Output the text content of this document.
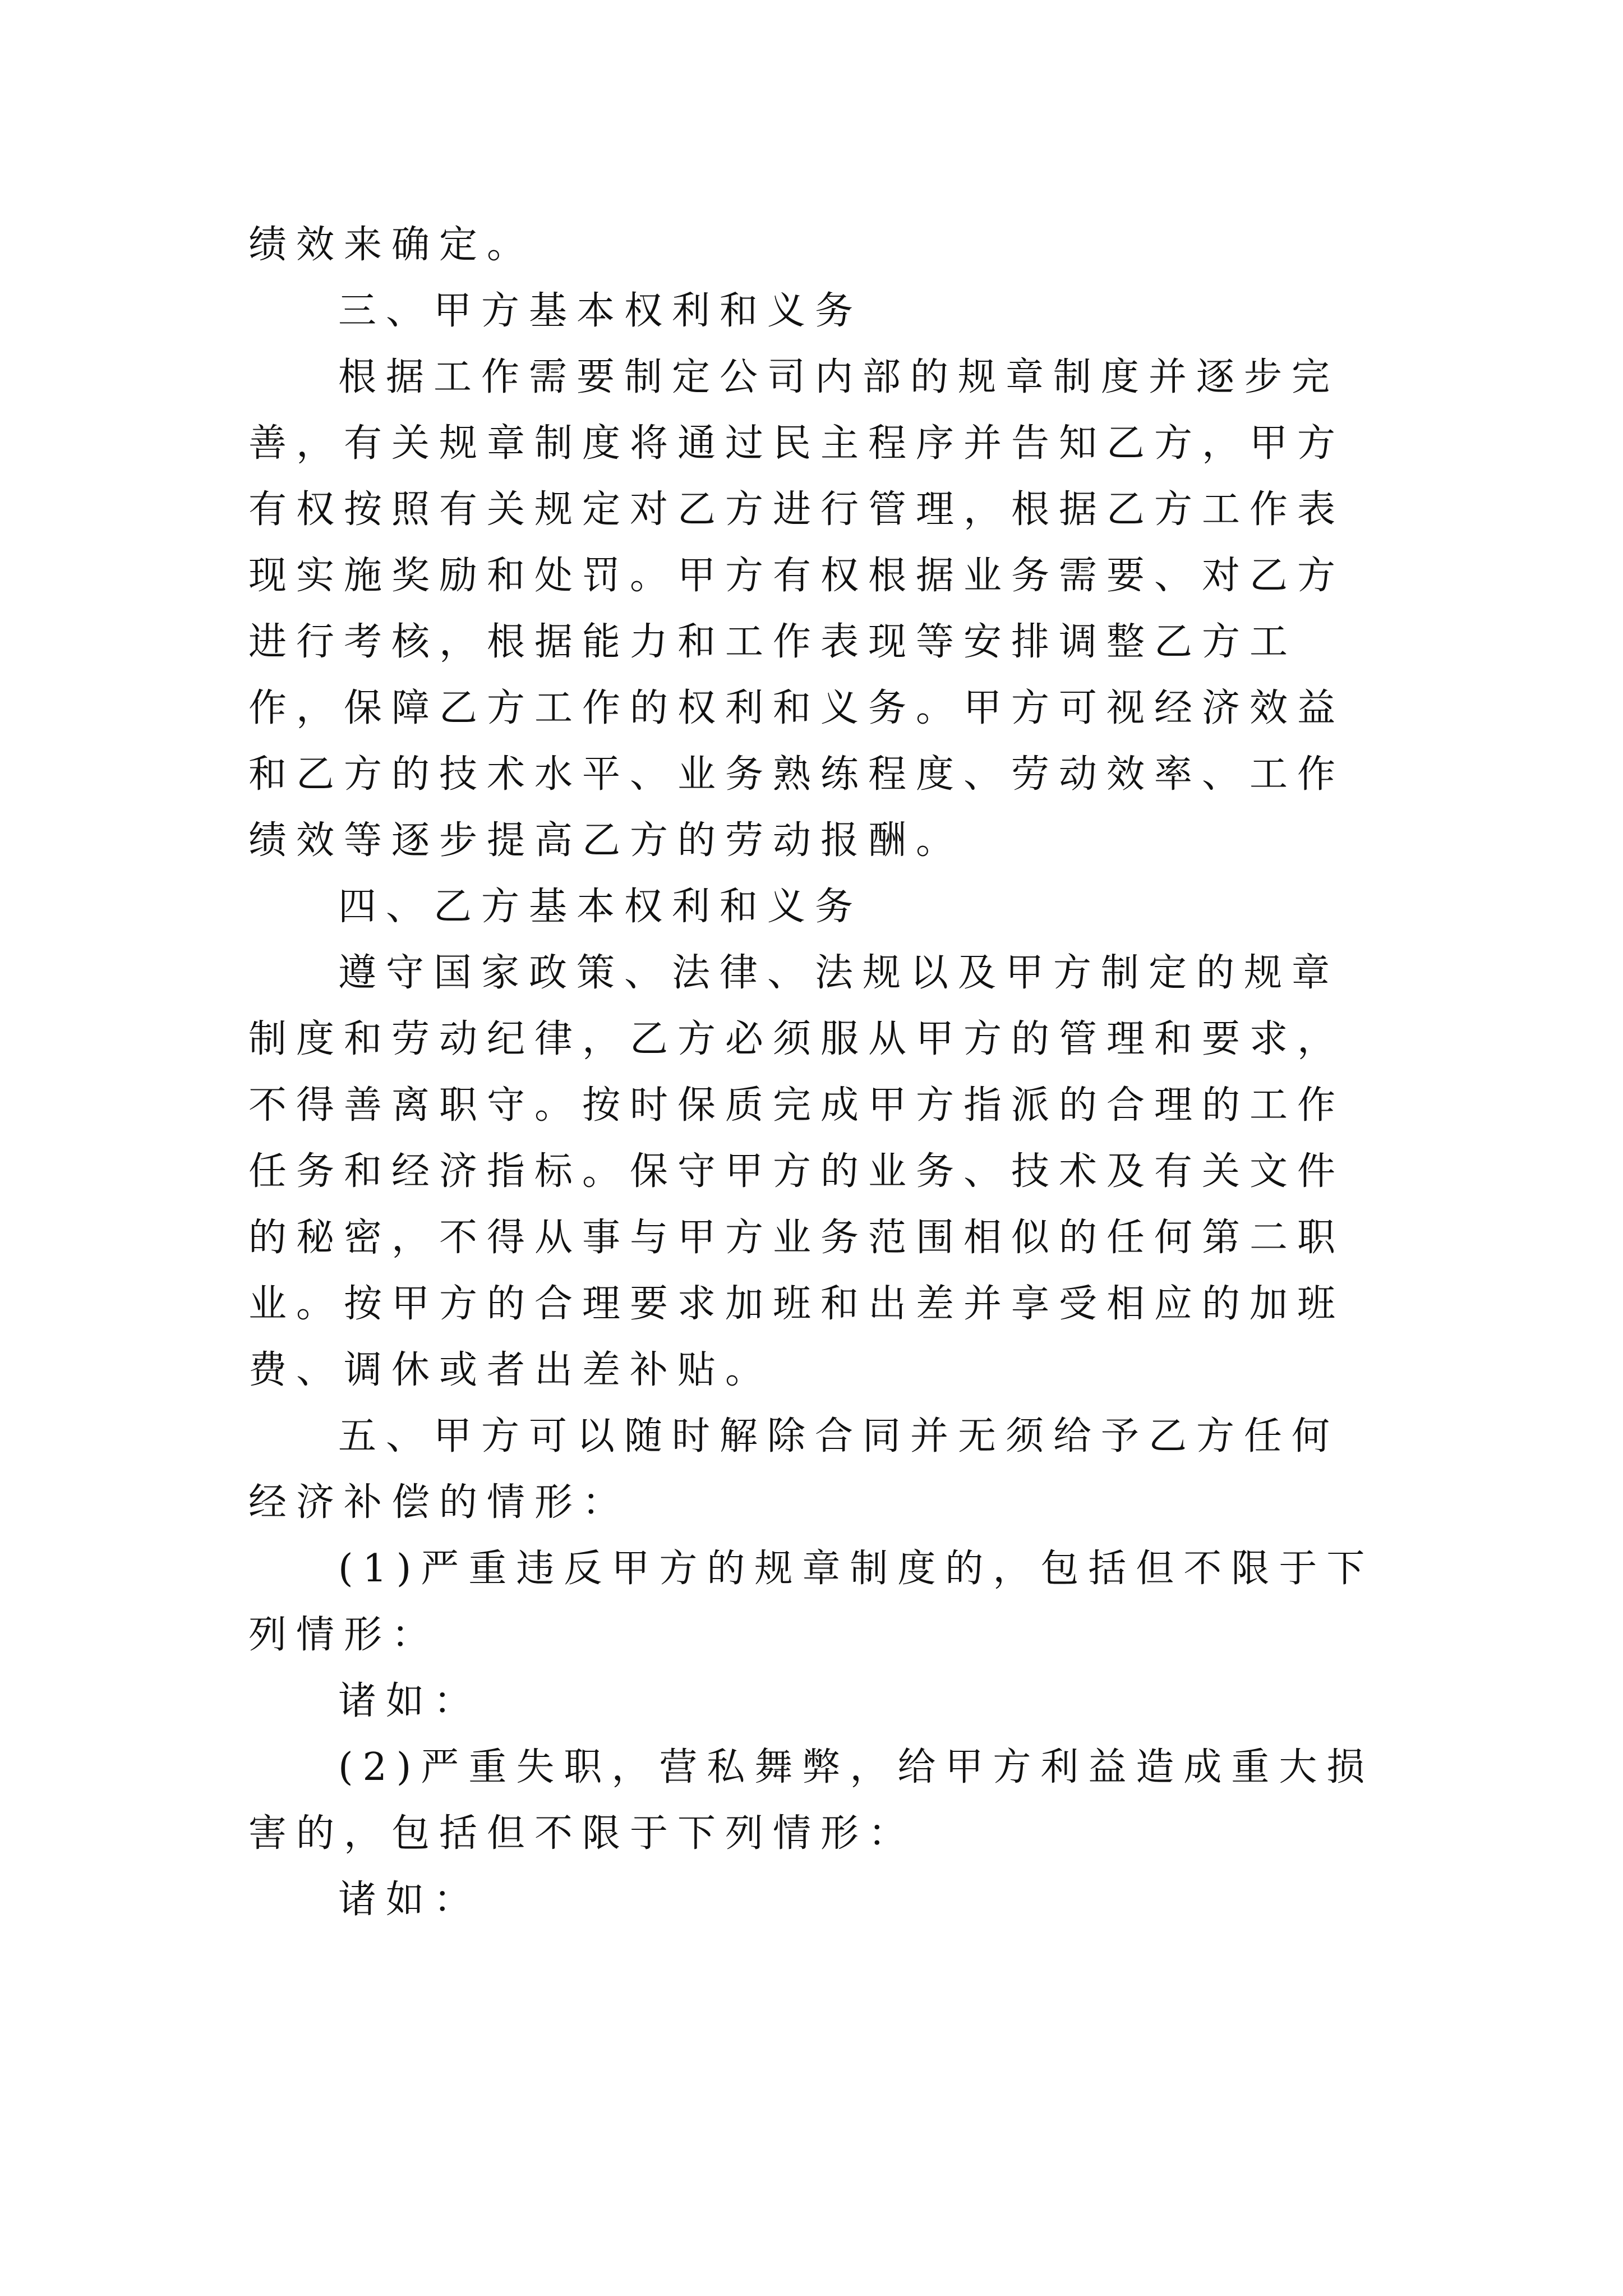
绩效来确定。

三、甲方基本权利和义务

根据工作需要制定公司内部的规章制度并逐步完善，有关规章制度将通过民主程序并告知乙方，甲方有权按照有关规定对乙方进行管理，根据乙方工作表现实施奖励和处罚。甲方有权根据业务需要、对乙方进行考核，根据能力和工作表现等安排调整乙方工作，保障乙方工作的权利和义务。甲方可视经济效益和乙方的技术水平、业务熟练程度、劳动效率、工作绩效等逐步提高乙方的劳动报酬。

四、乙方基本权利和义务

遵守国家政策、法律、法规以及甲方制定的规章制度和劳动纪律，乙方必须服从甲方的管理和要求，不得善离职守。按时保质完成甲方指派的合理的工作任务和经济指标。保守甲方的业务、技术及有关文件的秘密，不得从事与甲方业务范围相似的任何第二职业。按甲方的合理要求加班和出差并享受相应的加班费、调休或者出差补贴。

五、甲方可以随时解除合同并无须给予乙方任何经济补偿的情形：

(1)严重违反甲方的规章制度的，包括但不限于下列情形：

诸如：

(2)严重失职，营私舞弊，给甲方利益造成重大损害的，包括但不限于下列情形：

诸如：
